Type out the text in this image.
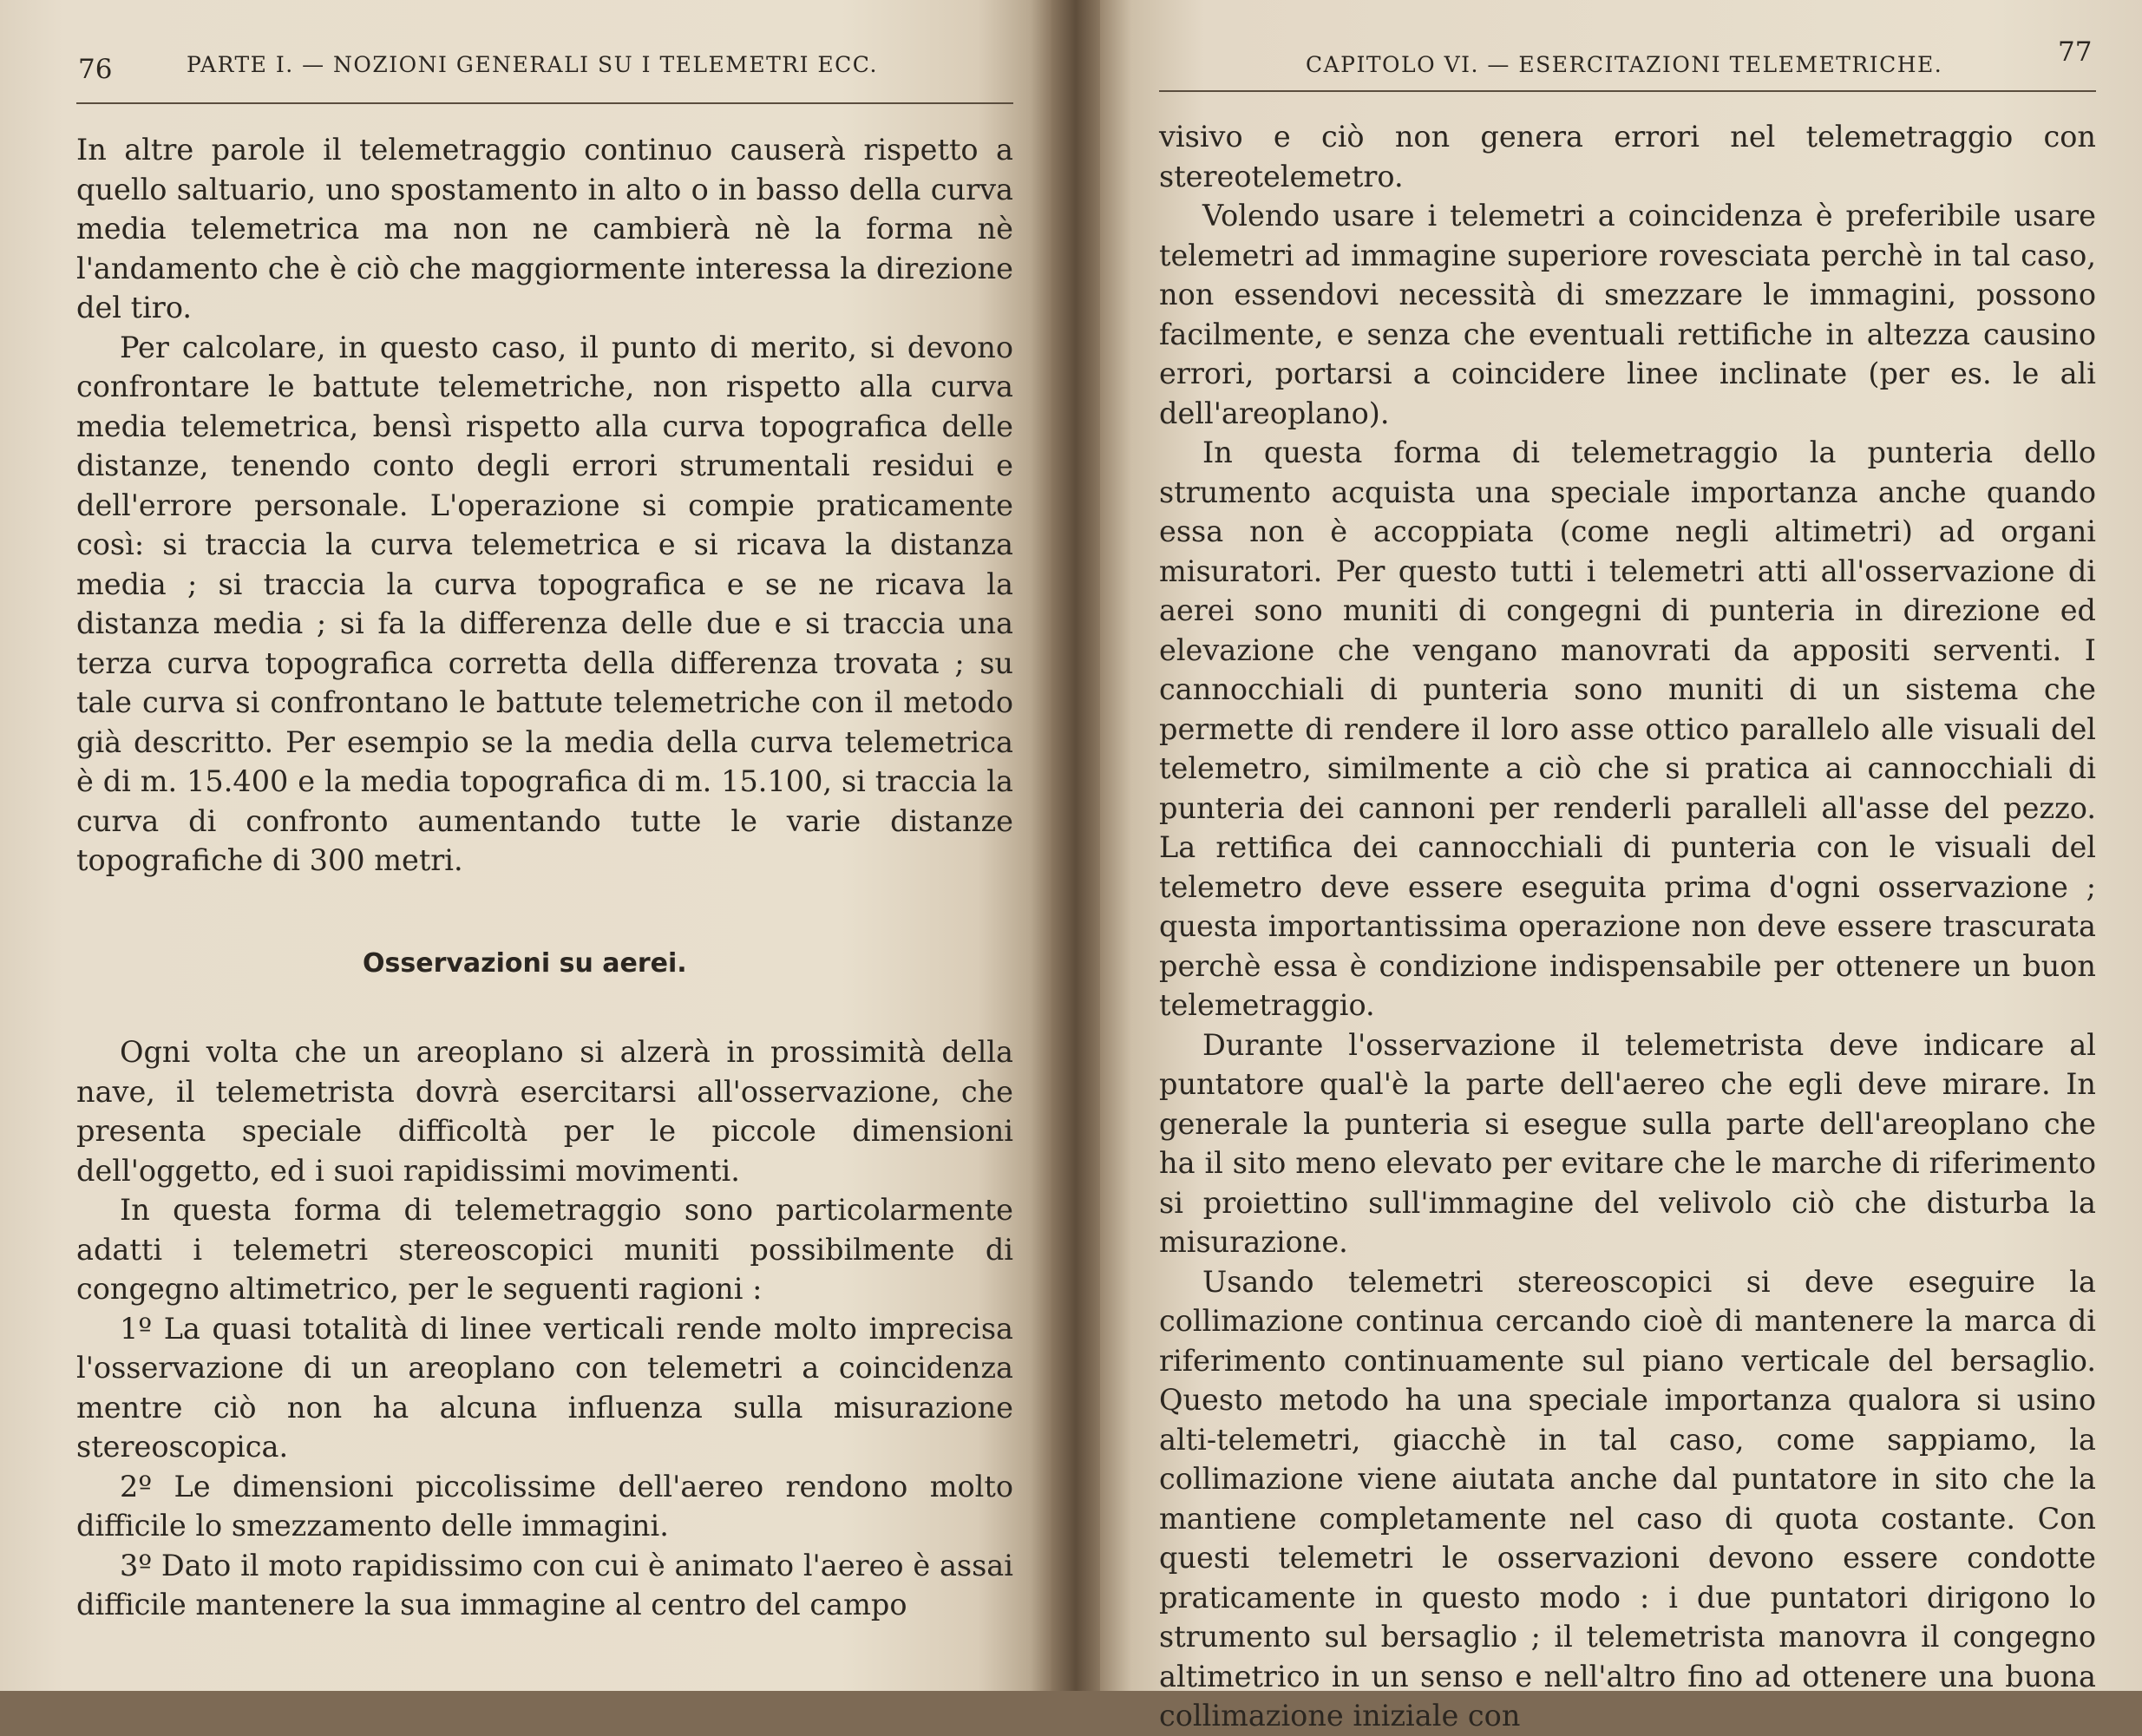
76	PARTE I. — NOZIONI GENERALI SU I TELEMETRI ECC.

In altre parole il telemetraggio continuo causerà rispetto a quello saltuario, uno spostamento in alto o in basso della curva media telemetrica ma non ne cambierà nè la forma nè l'andamento che è ciò che maggiormente interessa la direzione del tiro.

Per calcolare, in questo caso, il punto di merito, si devono confrontare le battute telemetriche, non rispetto alla curva media telemetrica, bensì rispetto alla curva topografica delle distanze, tenendo conto degli errori strumentali residui e dell'errore personale. L'operazione si compie praticamente così: si traccia la curva telemetrica e si ricava la distanza media ; si traccia la curva topografica e se ne ricava la distanza media ; si fa la differenza delle due e si traccia una terza curva topografica corretta della differenza trovata ; su tale curva si confrontano le battute telemetriche con il metodo già descritto. Per esempio se la media della curva telemetrica è di m. 15.400 e la media topografica di m. 15.100, si traccia la curva di confronto aumentando tutte le varie distanze topografiche di 300 metri.

Osservazioni su aerei.

Ogni volta che un areoplano si alzerà in prossimità della nave, il telemetrista dovrà esercitarsi all'osservazione, che presenta speciale difficoltà per le piccole dimensioni dell'oggetto, ed i suoi rapidissimi movimenti.

In questa forma di telemetraggio sono particolarmente adatti i telemetri stereoscopici muniti possibilmente di congegno altimetrico, per le seguenti ragioni :

1º La quasi totalità di linee verticali rende molto imprecisa l'osservazione di un areoplano con telemetri a coincidenza mentre ciò non ha alcuna influenza sulla misurazione stereoscopica.

2º Le dimensioni piccolissime dell'aereo rendono molto difficile lo smezzamento delle immagini.

3º Dato il moto rapidissimo con cui è animato l'aereo è assai difficile mantenere la sua immagine al centro del campo

CAPITOLO VI. — ESERCITAZIONI TELEMETRICHE.	77

visivo e ciò non genera errori nel telemetraggio con stereotelemetro.

Volendo usare i telemetri a coincidenza è preferibile usare telemetri ad immagine superiore rovesciata perchè in tal caso, non essendovi necessità di smezzare le immagini, possono facilmente, e senza che eventuali rettifiche in altezza causino errori, portarsi a coincidere linee inclinate (per es. le ali dell'areoplano).

In questa forma di telemetraggio la punteria dello strumento acquista una speciale importanza anche quando essa non è accoppiata (come negli altimetri) ad organi misuratori. Per questo tutti i telemetri atti all'osservazione di aerei sono muniti di congegni di punteria in direzione ed elevazione che vengano manovrati da appositi serventi. I cannocchiali di punteria sono muniti di un sistema che permette di rendere il loro asse ottico parallelo alle visuali del telemetro, similmente a ciò che si pratica ai cannocchiali di punteria dei cannoni per renderli paralleli all'asse del pezzo. La rettifica dei cannocchiali di punteria con le visuali del telemetro deve essere eseguita prima d'ogni osservazione ; questa importantissima operazione non deve essere trascurata perchè essa è condizione indispensabile per ottenere un buon telemetraggio.

Durante l'osservazione il telemetrista deve indicare al puntatore qual'è la parte dell'aereo che egli deve mirare. In generale la punteria si esegue sulla parte dell'areoplano che ha il sito meno elevato per evitare che le marche di riferimento si proiettino sull'immagine del velivolo ciò che disturba la misurazione.

Usando telemetri stereoscopici si deve eseguire la collimazione continua cercando cioè di mantenere la marca di riferimento continuamente sul piano verticale del bersaglio. Questo metodo ha una speciale importanza qualora si usino alti-telemetri, giacchè in tal caso, come sappiamo, la collimazione viene aiutata anche dal puntatore in sito che la mantiene completamente nel caso di quota costante. Con questi telemetri le osservazioni devono essere condotte praticamente in questo modo : i due puntatori dirigono lo strumento sul bersaglio ; il telemetrista manovra il congegno altimetrico in un senso e nell'altro fino ad ottenere una buona collimazione iniziale con
